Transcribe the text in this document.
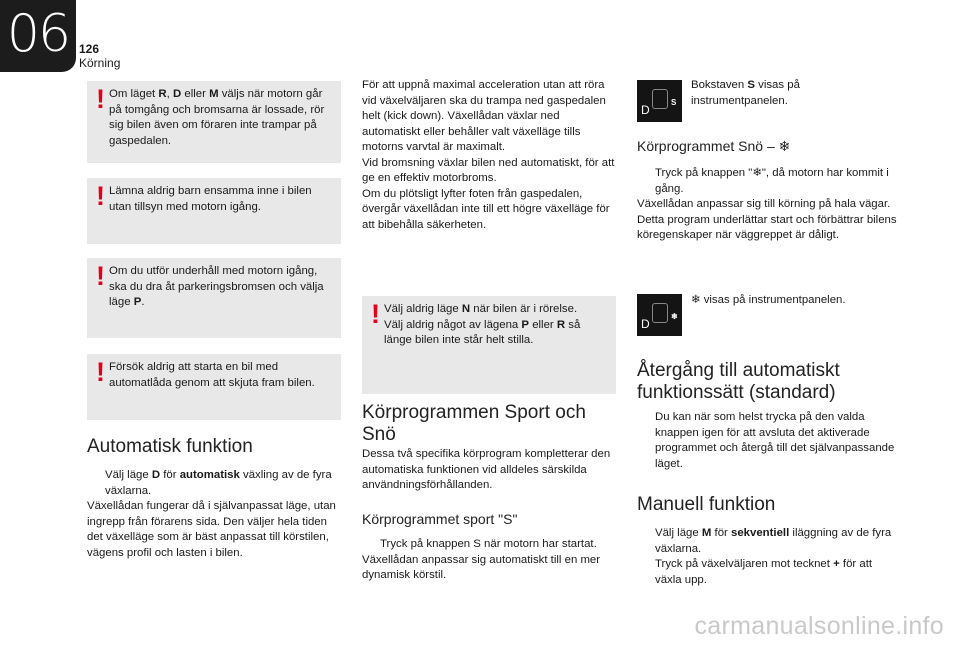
06 126
Körning
! Om läget R, D eller M väljs när motorn går på tomgång och bromsarna är lossade, rör sig bilen även om föraren inte trampar på gaspedalen.
! Lämna aldrig barn ensamma inne i bilen utan tillsyn med motorn igång.
! Om du utför underhåll med motorn igång, ska du dra åt parkeringsbromsen och välja läge P.
! Försök aldrig att starta en bil med automatlåda genom att skjuta fram bilen.
Automatisk funktion
Välj läge D för automatisk växling av de fyra växlarna.
Växellådan fungerar då i självanpassat läge, utan ingrepp från förarens sida. Den väljer hela tiden det växelläge som är bäst anpassat till körstilen, vägens profil och lasten i bilen.
För att uppnå maximal acceleration utan att röra vid växelväljaren ska du trampa ned gaspedalen helt (kick down). Växellådan växlar ned automatiskt eller behåller valt växelläge tills motorns varvtal är maximalt.
Vid bromsning växlar bilen ned automatiskt, för att ge en effektiv motorbroms.
Om du plötsligt lyfter foten från gaspedalen, övergår växellådan inte till ett högre växelläge för att bibehålla säkerheten.
! Välj aldrig läge N när bilen är i rörelse.
Välj aldrig något av lägena P eller R så länge bilen inte står helt stilla.
Körprogrammen Sport och Snö
Dessa två specifika körprogram kompletterar den automatiska funktionen vid alldeles särskilda användningsförhållanden.
Körprogrammet sport "S"
Tryck på knappen S när motorn har startat.
Växellådan anpassar sig automatiskt till en mer dynamisk körstil.
D
S
Bokstaven S visas på instrumentpanelen.
Körprogrammet Snö – ❄
Tryck på knappen "❄", då motorn har kommit i gång.
Växellådan anpassar sig till körning på hala vägar.
Detta program underlättar start och förbättrar bilens köregenskaper när väggreppet är dåligt.
D
❄
❄ visas på instrumentpanelen.
Återgång till automatiskt funktionssätt (standard)
Du kan när som helst trycka på den valda knappen igen för att avsluta det aktiverade programmet och återgå till det självanpassande läget.
Manuell funktion
Välj läge M för sekventiell iläggning av de fyra växlarna.
Tryck på växelväljaren mot tecknet + för att växla upp.
carmanualsonline.info
